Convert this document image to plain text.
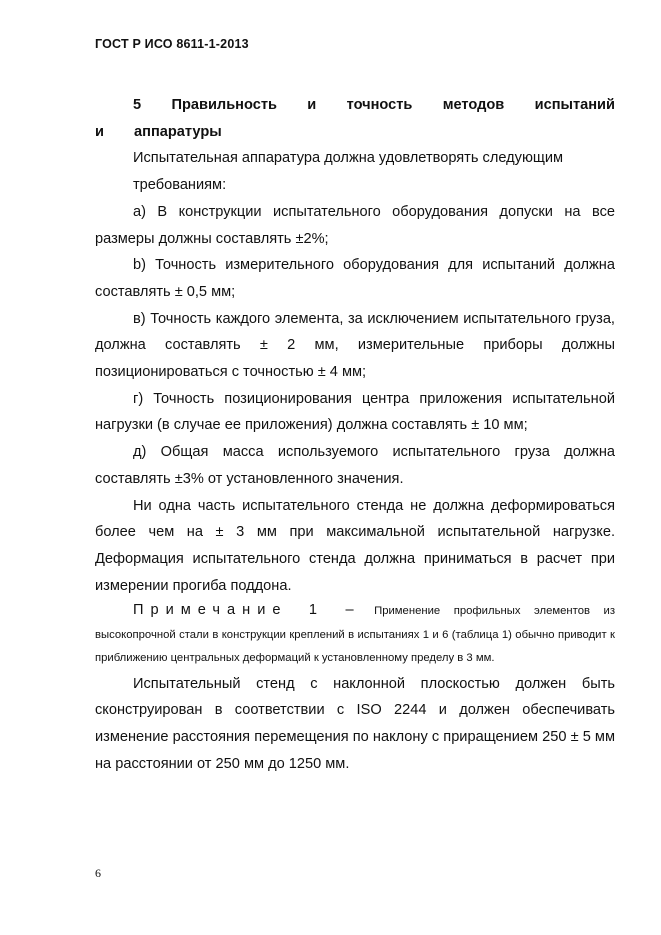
ГОСТ Р ИСО 8611-1-2013

5 Правильность и точность методов испытаний и аппаратуры

Испытательная аппаратура должна удовлетворять следующим требованиям:

а) В конструкции испытательного оборудования допуски на все размеры должны составлять ±2%;

b) Точность измерительного оборудования для испытаний должна составлять ± 0,5 мм;

в) Точность каждого элемента, за исключением испытательного груза, должна составлять ± 2 мм, измерительные приборы должны позиционироваться с точностью ± 4 мм;

г) Точность позиционирования центра приложения испытательной нагрузки (в случае ее приложения) должна составлять ± 10 мм;

д) Общая масса используемого испытательного груза должна составлять ±3% от установленного значения.

Ни одна часть испытательного стенда не должна деформироваться более чем на ± 3 мм при максимальной испытательной нагрузке. Деформация испытательного стенда должна приниматься в расчет при измерении прогиба поддона.

Примечание 1 – Применение профильных элементов из высокопрочной стали в конструкции креплений в испытаниях 1 и 6 (таблица 1) обычно приводит к приближению центральных деформаций к установленному пределу в 3 мм.

Испытательный стенд с наклонной плоскостью должен быть сконструирован в соответствии с ISO 2244 и должен обеспечивать изменение расстояния перемещения по наклону с приращением 250 ± 5 мм на расстоянии от 250 мм до 1250 мм.

6
